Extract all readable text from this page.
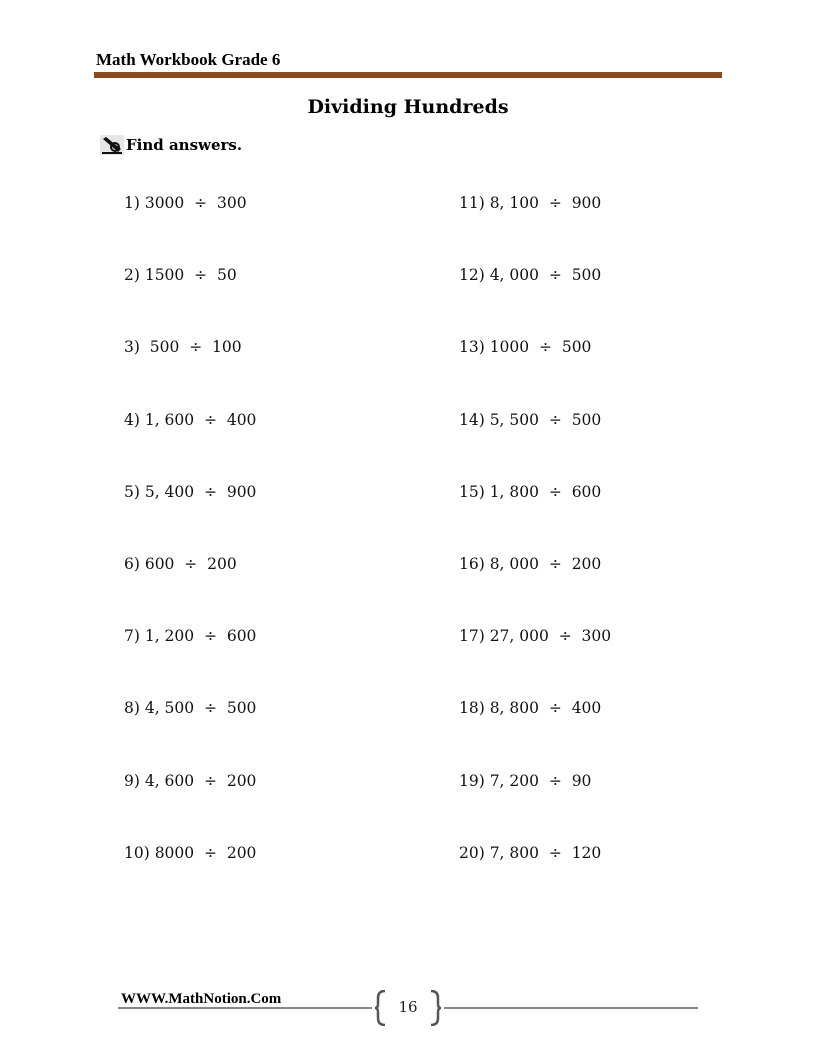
Math Workbook Grade 6
Dividing Hundreds
Find answers.
1) 3000  ÷  300
2) 1500  ÷  50
3)  500  ÷  100
4) 1, 600  ÷  400
5) 5, 400  ÷  900
6) 600  ÷  200
7) 1, 200  ÷  600
8) 4, 500  ÷  500
9) 4, 600  ÷  200
10) 8000  ÷  200
11) 8, 100  ÷  900
12) 4, 000  ÷  500
13) 1000  ÷  500
14) 5, 500  ÷  500
15) 1, 800  ÷  600
16) 8, 000  ÷  200
17) 27, 000  ÷  300
18) 8, 800  ÷  400
19) 7, 200  ÷  90
20) 7, 800  ÷  120
WWW.MathNotion.Com	16
